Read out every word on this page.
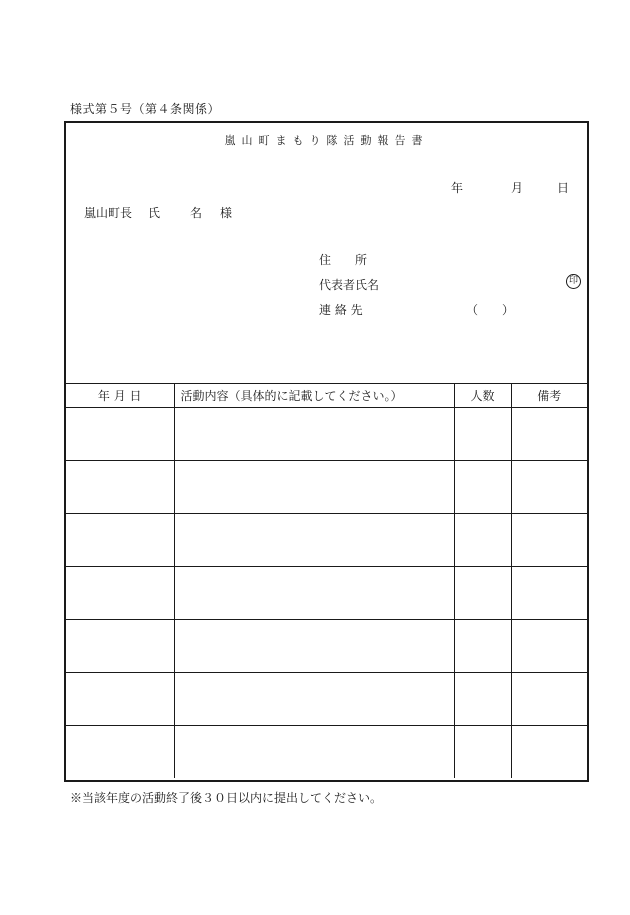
様式第５号（第４条関係）
嵐山町まもり隊活動報告書
年	月	日
嵐山町長 氏	名 様
住　　所
代表者氏名	印
連 絡 先	（　　）
年 月 日	活動内容（具体的に記載してください。）	人数	備考

※当該年度の活動終了後３０日以内に提出してください。
